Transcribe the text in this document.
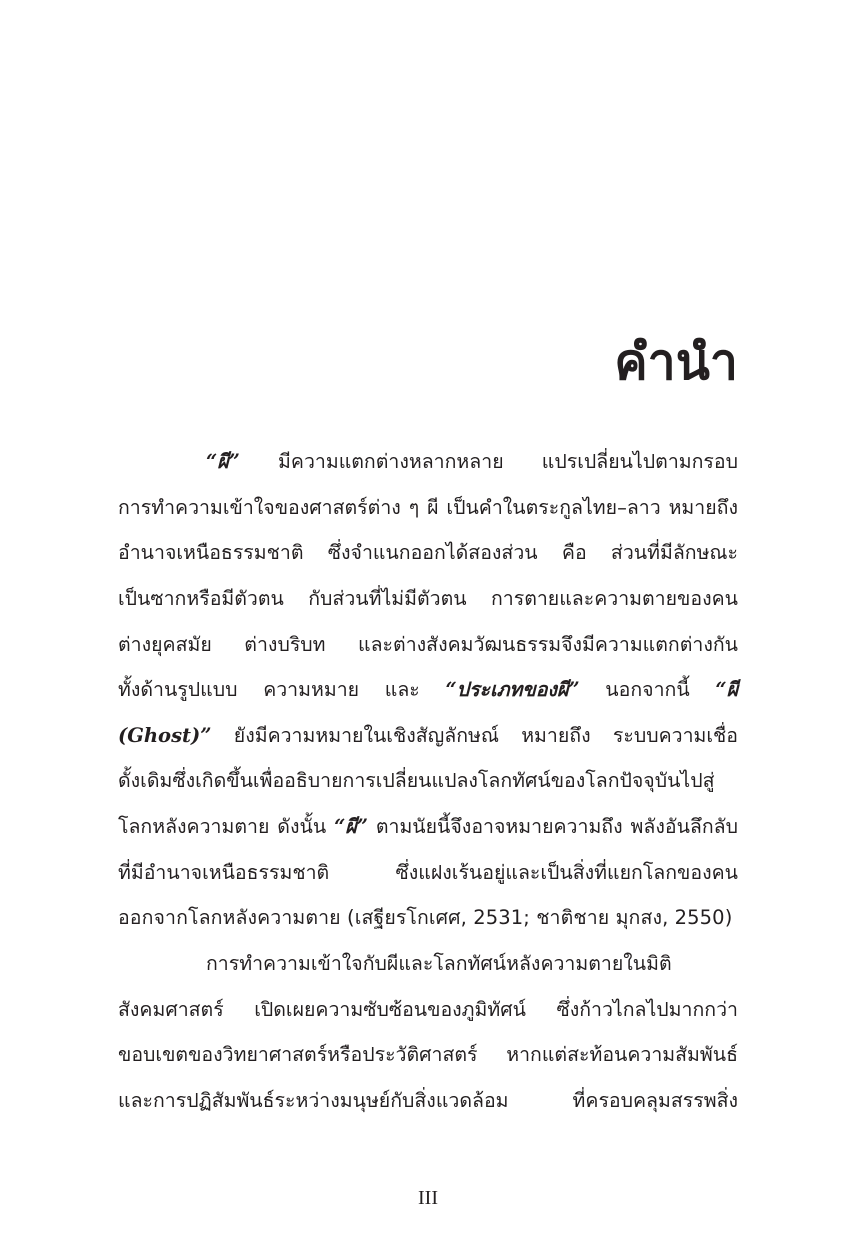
คำนำ
“ผี” มีความแตกต่างหลากหลาย แปรเปลี่ยนไปตามกรอบ
การทำความเข้าใจของศาสตร์ต่าง ๆ ผี เป็นคำในตระกูลไทย–ลาว หมายถึง
อำนาจเหนือธรรมชาติ ซึ่งจำแนกออกได้สองส่วน คือ ส่วนที่มีลักษณะ
เป็นซากหรือมีตัวตน กับส่วนที่ไม่มีตัวตน การตายและความตายของคน
ต่างยุคสมัย ต่างบริบท และต่างสังคมวัฒนธรรมจึงมีความแตกต่างกัน
ทั้งด้านรูปแบบ ความหมาย และ “ประเภทของผี” นอกจากนี้ “ผี
(Ghost)” ยังมีความหมายในเชิงสัญลักษณ์ หมายถึง ระบบความเชื่อ
ดั้งเดิมซึ่งเกิดขึ้นเพื่ออธิบายการเปลี่ยนแปลงโลกทัศน์ของโลกปัจจุบันไปสู่
โลกหลังความตาย ดังนั้น “ผี” ตามนัยนี้จึงอาจหมายความถึง พลังอันลึกลับ
ที่มีอำนาจเหนือธรรมชาติ ซึ่งแฝงเร้นอยู่และเป็นสิ่งที่แยกโลกของคน
ออกจากโลกหลังความตาย (เสฐียรโกเศศ, 2531; ชาติชาย มุกสง, 2550)
การทำความเข้าใจกับผีและโลกทัศน์หลังความตายในมิติ
สังคมศาสตร์ เปิดเผยความซับซ้อนของภูมิทัศน์ ซึ่งก้าวไกลไปมากกว่า
ขอบเขตของวิทยาศาสตร์หรือประวัติศาสตร์ หากแต่สะท้อนความสัมพันธ์
และการปฏิสัมพันธ์ระหว่างมนุษย์กับสิ่งแวดล้อม ที่ครอบคลุมสรรพสิ่ง
III
